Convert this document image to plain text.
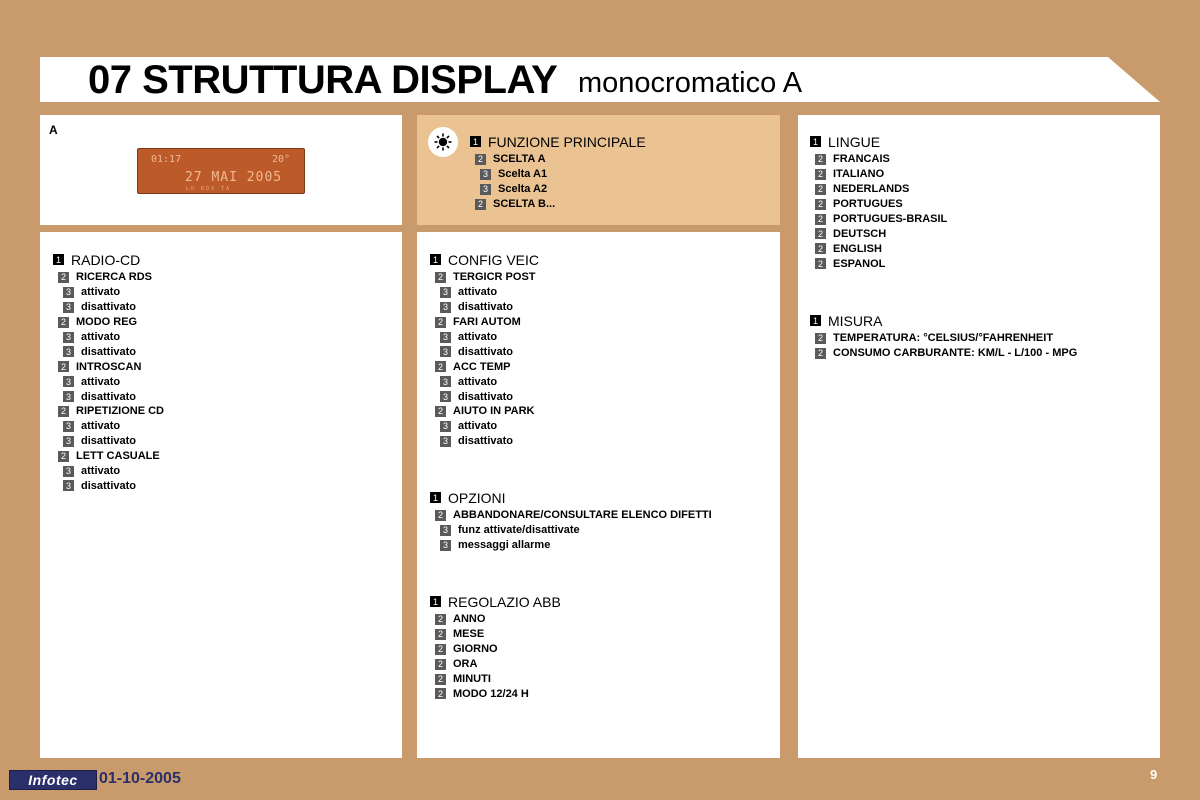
07 STRUTTURA DISPLAY monocromatico A
A
01:17	20°
27 MAI 2005
LO RDS TA
1 FUNZIONE PRINCIPALE
2 SCELTA A
3 Scelta A1
3 Scelta A2
2 SCELTA B...
1 LINGUE
2 FRANCAIS
2 ITALIANO
2 NEDERLANDS
2 PORTUGUES
2 PORTUGUES-BRASIL
2 DEUTSCH
2 ENGLISH
2 ESPANOL
1 MISURA
2 TEMPERATURA: °CELSIUS/°FAHRENHEIT
2 CONSUMO CARBURANTE: KM/L - L/100 - MPG
1 RADIO-CD
2 RICERCA RDS
3 attivato
3 disattivato
2 MODO REG
3 attivato
3 disattivato
2 INTROSCAN
3 attivato
3 disattivato
2 RIPETIZIONE CD
3 attivato
3 disattivato
2 LETT CASUALE
3 attivato
3 disattivato
1 CONFIG VEIC
2 TERGICR POST
3 attivato
3 disattivato
2 FARI AUTOM
3 attivato
3 disattivato
2 ACC TEMP
3 attivato
3 disattivato
2 AIUTO IN PARK
3 attivato
3 disattivato
1 OPZIONI
2 ABBANDONARE/CONSULTARE ELENCO DIFETTI
3 funz attivate/disattivate
3 messaggi allarme
1 REGOLAZIO ABB
2 ANNO
2 MESE
2 GIORNO
2 ORA
2 MINUTI
2 MODO 12/24 H
Infotec 01-10-2005	9
